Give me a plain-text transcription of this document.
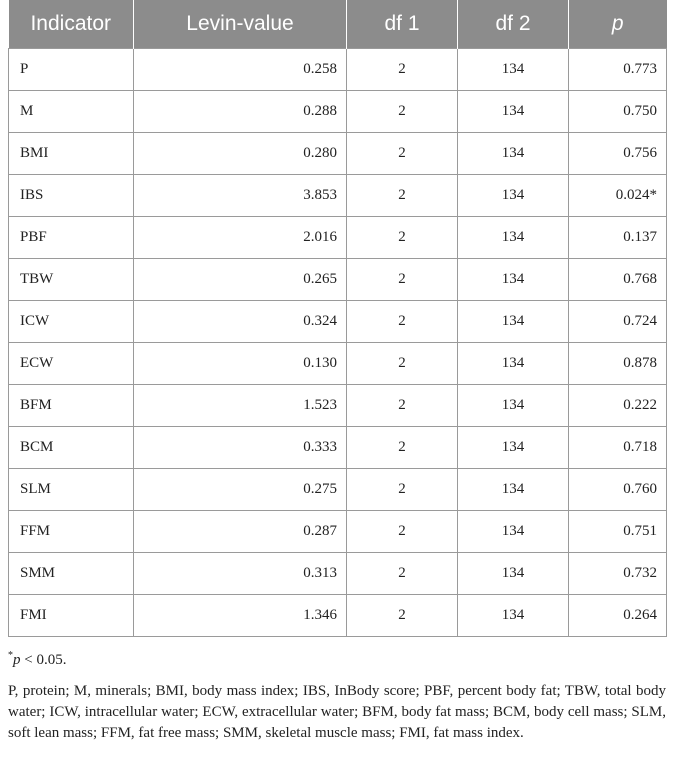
Indicator	Levin-value	df 1	df 2	p
P	0.258	2	134	0.773
M	0.288	2	134	0.750
BMI	0.280	2	134	0.756
IBS	3.853	2	134	0.024*
PBF	2.016	2	134	0.137
TBW	0.265	2	134	0.768
ICW	0.324	2	134	0.724
ECW	0.130	2	134	0.878
BFM	1.523	2	134	0.222
BCM	0.333	2	134	0.718
SLM	0.275	2	134	0.760
FFM	0.287	2	134	0.751
SMM	0.313	2	134	0.732
FMI	1.346	2	134	0.264
*p < 0.05.
P, protein; M, minerals; BMI, body mass index; IBS, InBody score; PBF, percent body fat; TBW, total body water; ICW, intracellular water; ECW, extracellular water; BFM, body fat mass; BCM, body cell mass; SLM, soft lean mass; FFM, fat free mass; SMM, skeletal muscle mass; FMI, fat mass index.
